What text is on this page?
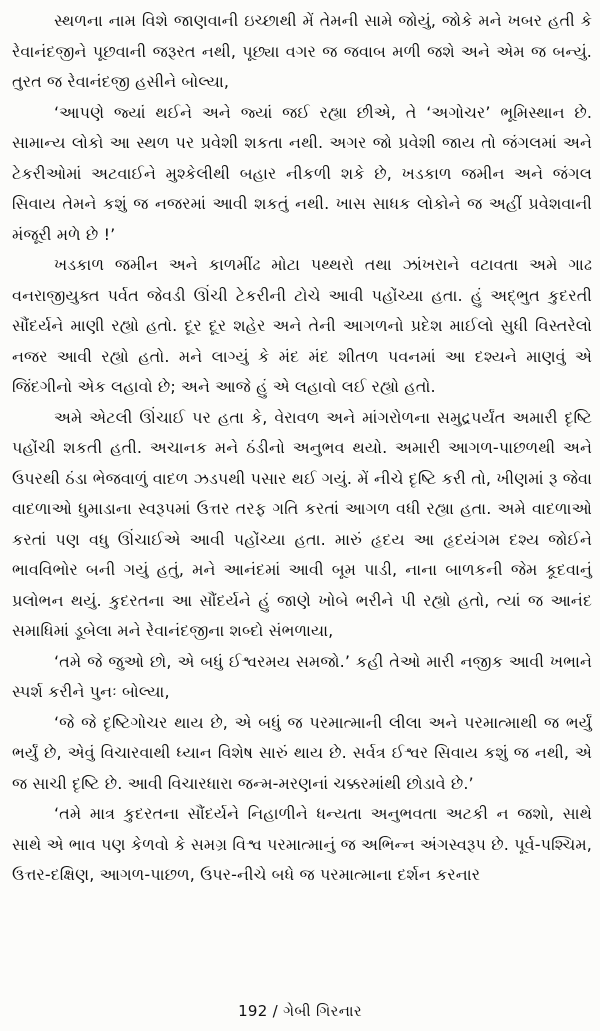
સ્થળના નામ વિશે જાણવાની ઇચ્છાથી મેં તેમની સામે જોયું, જોકે મને ખબર હતી કે રેવાનંદજીને પૂછવાની જરૂરત નથી, પૂછ્યા વગર જ જવાબ મળી જશે અને એમ જ બન્યું. તુરત જ રેવાનંદજી હસીને બોલ્યા,

‘આપણે જ્યાં થઈને અને જ્યાં જઈ રહ્યા છીએ, તે ‘અગોચર’ ભૂમિસ્થાન છે. સામાન્ય લોકો આ સ્થળ પર પ્રવેશી શકતા નથી. અગર જો પ્રવેશી જાય તો જંગલમાં અને ટેકરીઓમાં અટવાઈને મુશ્કેલીથી બહાર નીકળી શકે છે, ખડકાળ જમીન અને જંગલ સિવાય તેમને કશું જ નજરમાં આવી શકતું નથી. ખાસ સાધક લોકોને જ અહીં પ્રવેશવાની મંજૂરી મળે છે !’

ખડકાળ જમીન અને કાળમીંઢ મોટા પથ્થરો તથા ઝાંખરાને વટાવતા અમે ગાઢ વનરાજીયુક્ત પર્વત જેવડી ઊંચી ટેકરીની ટોચે આવી પહોંચ્યા હતા. હું અદ્‌ભુત કુદરતી સૌંદર્યને માણી રહ્યો હતો. દૂર દૂર શહેર અને તેની આગળનો પ્રદેશ માઈલો સુધી વિસ્તરેલો નજર આવી રહ્યો હતો. મને લાગ્યું કે મંદ મંદ શીતળ પવનમાં આ દશ્યને માણવું એ જિંદગીનો એક લહાવો છે; અને આજે હું એ લહાવો લઈ રહ્યો હતો.

અમે એટલી ઊંચાઈ પર હતા કે, વેરાવળ અને માંગરોળના સમુદ્રપર્યંત અમારી દૃષ્ટિ પહોંચી શકતી હતી. અચાનક મને ઠંડીનો અનુભવ થયો. અમારી આગળ-પાછળથી અને ઉપરથી ઠંડા ભેજવાળું વાદળ ઝડપથી પસાર થઈ ગયું. મેં નીચે દૃષ્ટિ કરી તો, ખીણમાં રૂ જેવા વાદળાઓ ધુમાડાના સ્વરૂપમાં ઉત્તર તરફ ગતિ કરતાં આગળ વધી રહ્યા હતા. અમે વાદળાઓ કરતાં પણ વધુ ઊંચાઈએ આવી પહોંચ્યા હતા. મારું હૃદય આ હૃદયંગમ દશ્ય જોઈને ભાવવિભોર બની ગયું હતું, મને આનંદમાં આવી બૂમ પાડી, નાના બાળકની જેમ કૂદવાનું પ્રલોભન થયું. કુદરતના આ સૌંદર્યને હું જાણે ખોબે ભરીને પી રહ્યો હતો, ત્યાં જ આનંદ સમાધિમાં ડૂબેલા મને રેવાનંદજીના શબ્દો સંભળાયા,

‘તમે જે જુઓ છો, એ બધું ઈશ્વરમય સમજો.’ કહી તેઓ મારી નજીક આવી ખભાને સ્પર્શ કરીને પુનઃ બોલ્યા,

‘જે જે દૃષ્ટિગોચર થાય છે, એ બધું જ પરમાત્માની લીલા અને પરમાત્માથી જ ભર્યું ભર્યું છે, એવું વિચારવાથી ધ્યાન વિશેષ સારું થાય છે. સર્વત્ર ઈશ્વર સિવાય કશું જ નથી, એ જ સાચી દૃષ્ટિ છે. આવી વિચારધારા જન્મ-મરણનાં ચક્કરમાંથી છોડાવે છે.’

‘તમે માત્ર કુદરતના સૌંદર્યને નિહાળીને ધન્યતા અનુભવતા અટકી ન જશો, સાથે સાથે એ ભાવ પણ કેળવો કે સમગ્ર વિશ્વ પરમાત્માનું જ અભિન્ન અંગસ્વરૂપ છે. પૂર્વ-પશ્ચિમ, ઉત્તર-દક્ષિણ, આગળ-પાછળ, ઉપર-નીચે બધે જ પરમાત્માના દર્શન કરનાર

192 / ગેબી ગિરનાર
